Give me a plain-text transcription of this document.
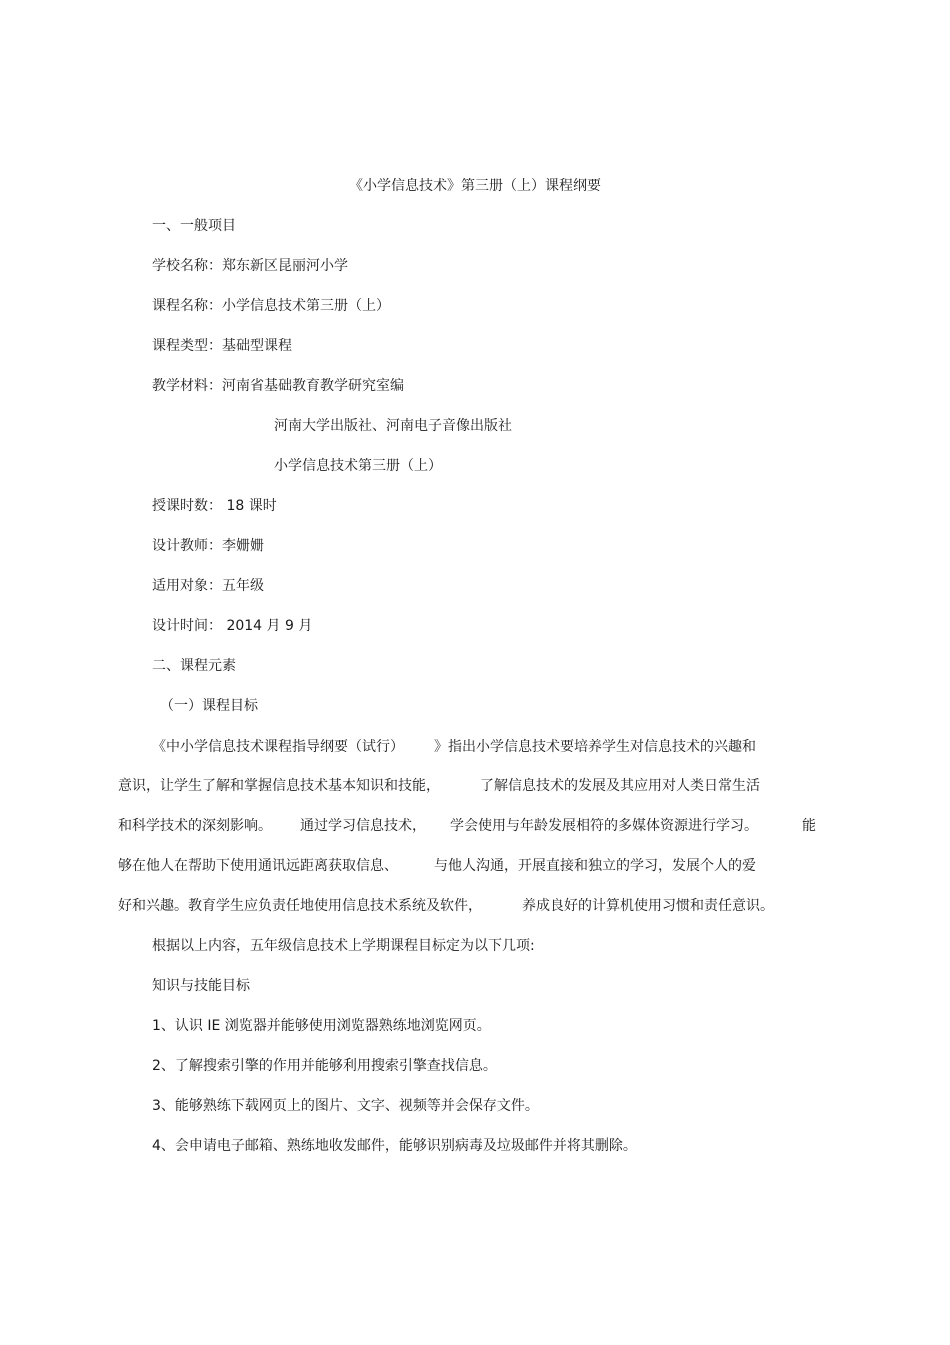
《小学信息技术》第三册（上）课程纲要
一、一般项目
学校名称：郑东新区昆丽河小学
课程名称：小学信息技术第三册（上）
课程类型：基础型课程
教学材料：河南省基础教育教学研究室编
河南大学出版社、河南电子音像出版社
小学信息技术第三册（上）
授课时数： 18 课时
设计教师：李姗姗
适用对象：五年级
设计时间： 2014 月 9 月
二、课程元素
（一）课程目标
《中小学信息技术课程指导纲要（试行） 》指出小学信息技术要培养学生对信息技术的兴趣和
意识，让学生了解和掌握信息技术基本知识和技能，	了解信息技术的发展及其应用对人类日常生活
和科学技术的深刻影响。 通过学习信息技术， 学会使用与年龄发展相符的多媒体资源进行学习。	能
够在他人在帮助下使用通讯远距离获取信息、	与他人沟通，开展直接和独立的学习，发展个人的爱
好和兴趣。教育学生应负责任地使用信息技术系统及软件，	养成良好的计算机使用习惯和责任意识。
根据以上内容，五年级信息技术上学期课程目标定为以下几项:
知识与技能目标
1、认识 IE 浏览器并能够使用浏览器熟练地浏览网页。
2、了解搜索引擎的作用并能够利用搜索引擎查找信息。
3、能够熟练下载网页上的图片、文字、视频等并会保存文件。
4、会申请电子邮箱、熟练地收发邮件，能够识别病毒及垃圾邮件并将其删除。
